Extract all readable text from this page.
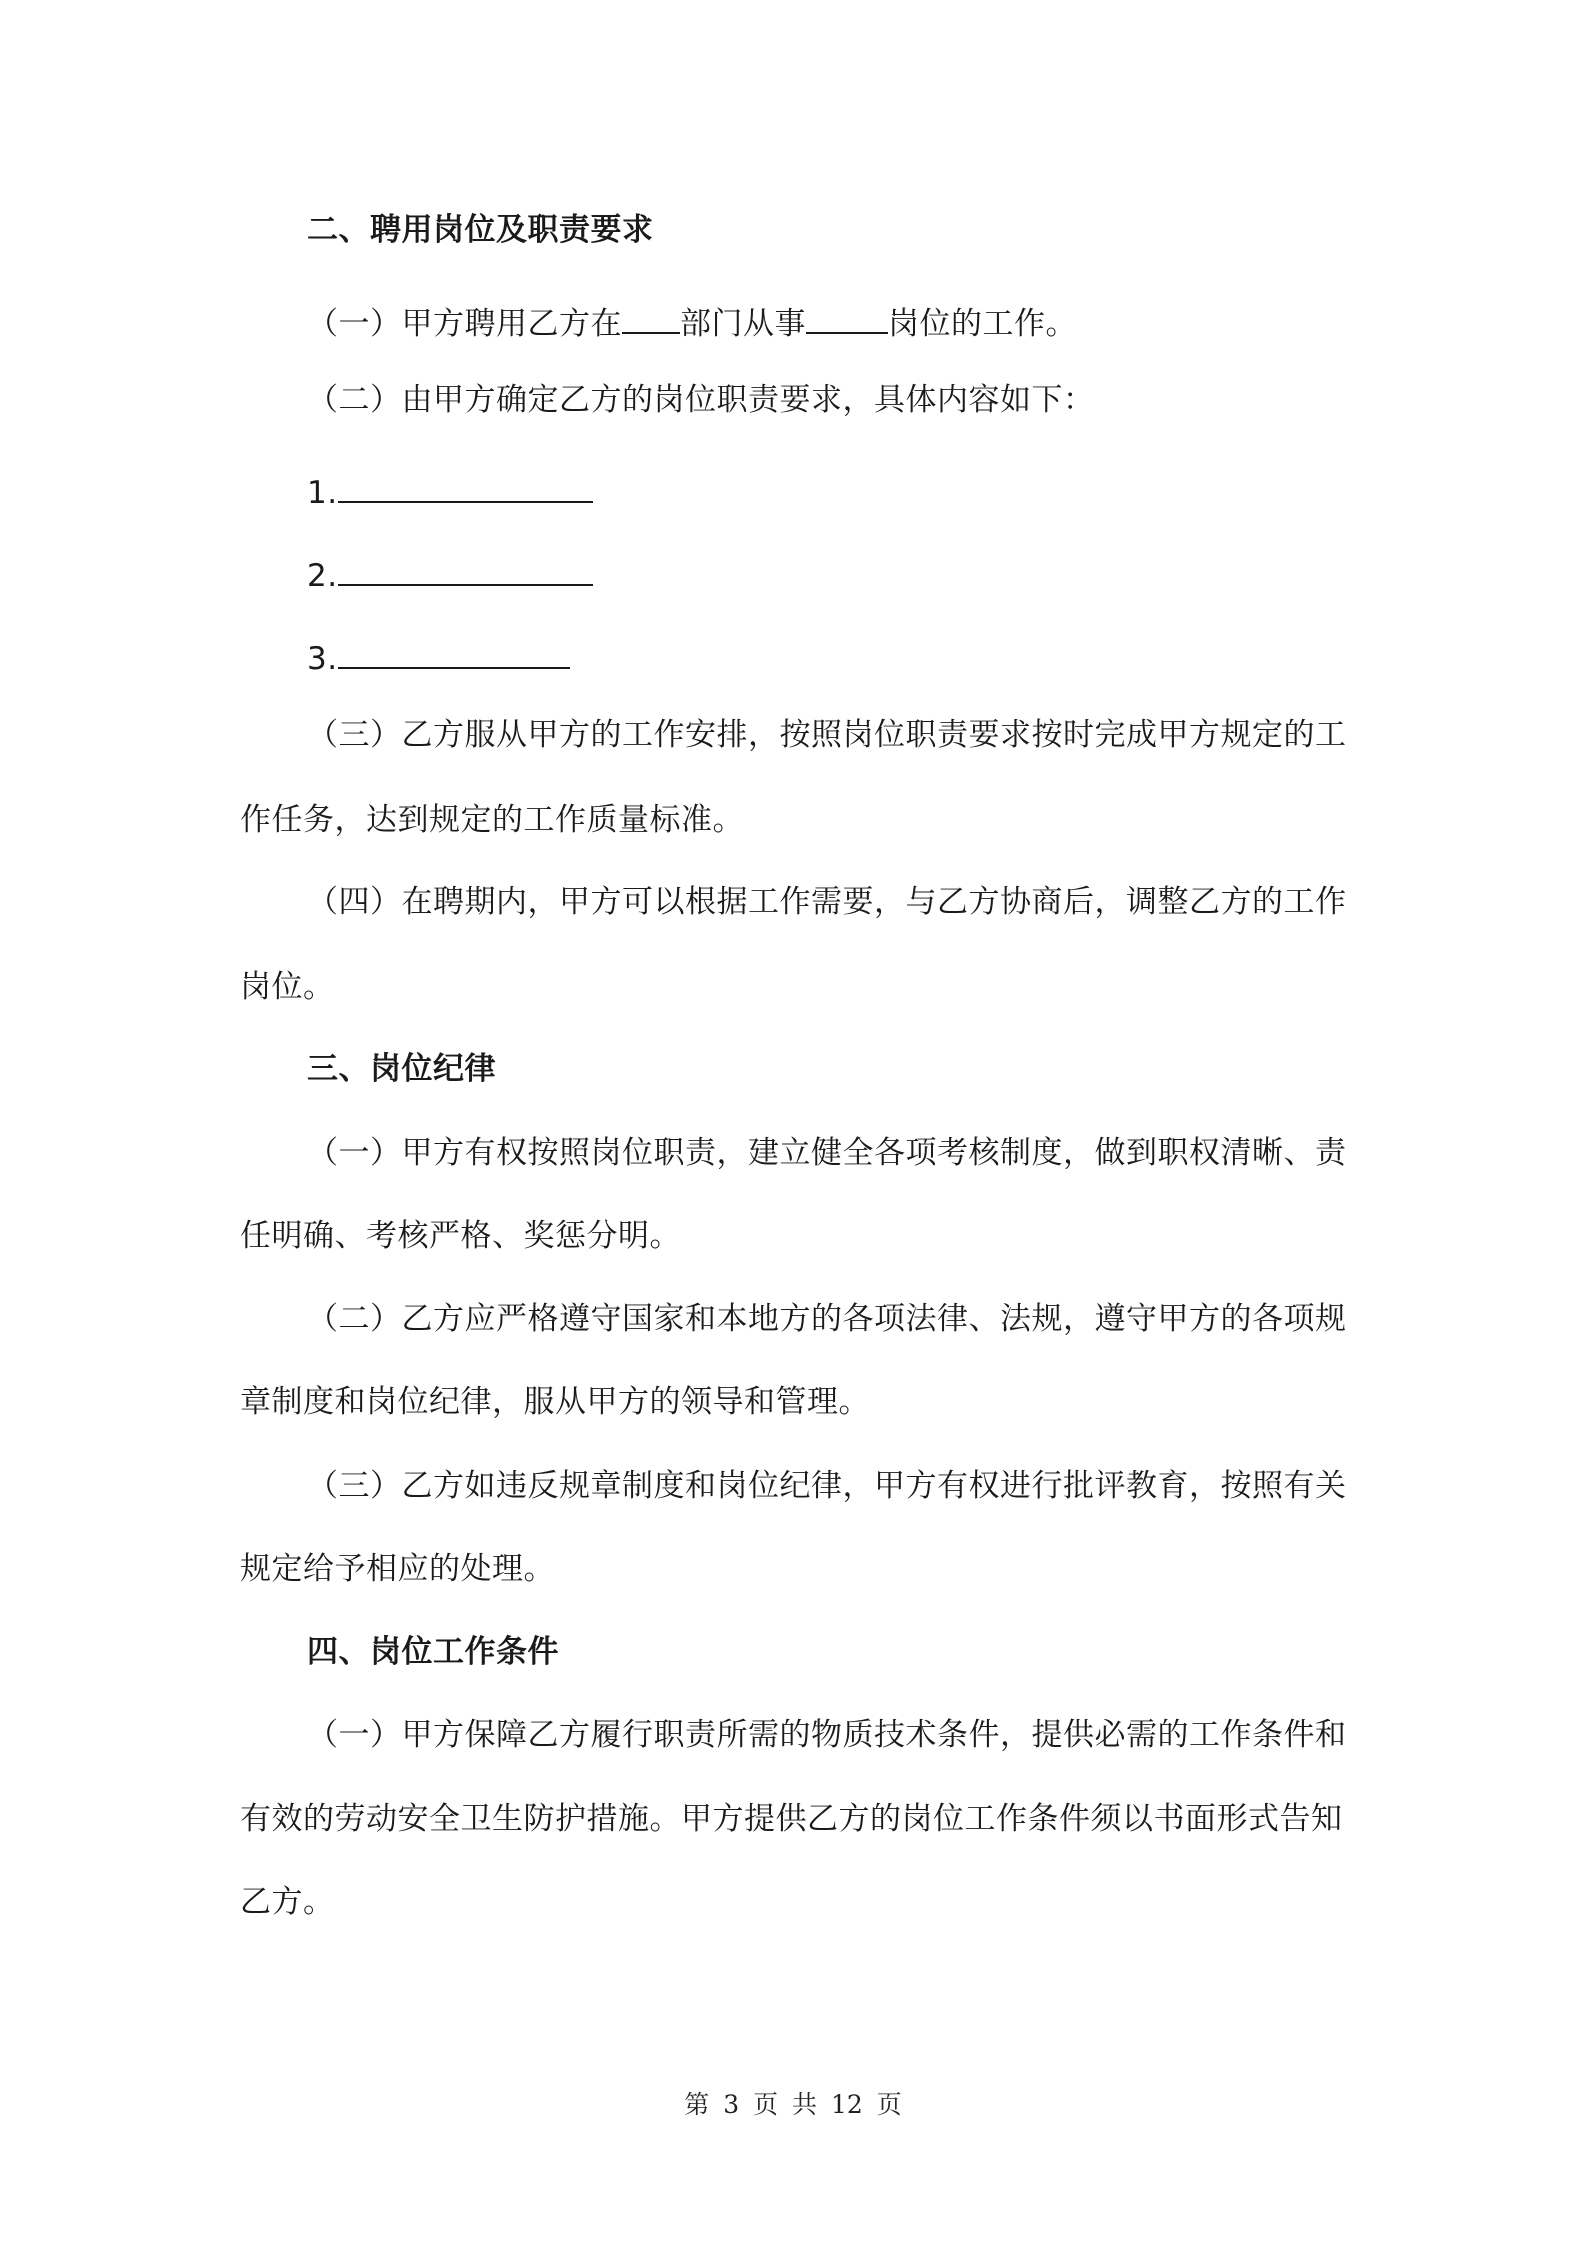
二、聘用岗位及职责要求
（一）甲方聘用乙方在 部门从事	岗位的工作。
（二）由甲方确定乙方的岗位职责要求，具体内容如下：
1.
2.
3.
（三）乙方服从甲方的工作安排，按照岗位职责要求按时完成甲方规定的工
作任务，达到规定的工作质量标准。
（四）在聘期内，甲方可以根据工作需要，与乙方协商后，调整乙方的工作
岗位。
三、岗位纪律
（一）甲方有权按照岗位职责，建立健全各项考核制度，做到职权清晰、责
任明确、考核严格、奖惩分明。
（二）乙方应严格遵守国家和本地方的各项法律、法规，遵守甲方的各项规
章制度和岗位纪律，服从甲方的领导和管理。
（三）乙方如违反规章制度和岗位纪律，甲方有权进行批评教育，按照有关
规定给予相应的处理。
四、岗位工作条件
（一）甲方保障乙方履行职责所需的物质技术条件，提供必需的工作条件和
有效的劳动安全卫生防护措施。甲方提供乙方的岗位工作条件须以书面形式告知
乙方。
第 3 页 共 12 页
